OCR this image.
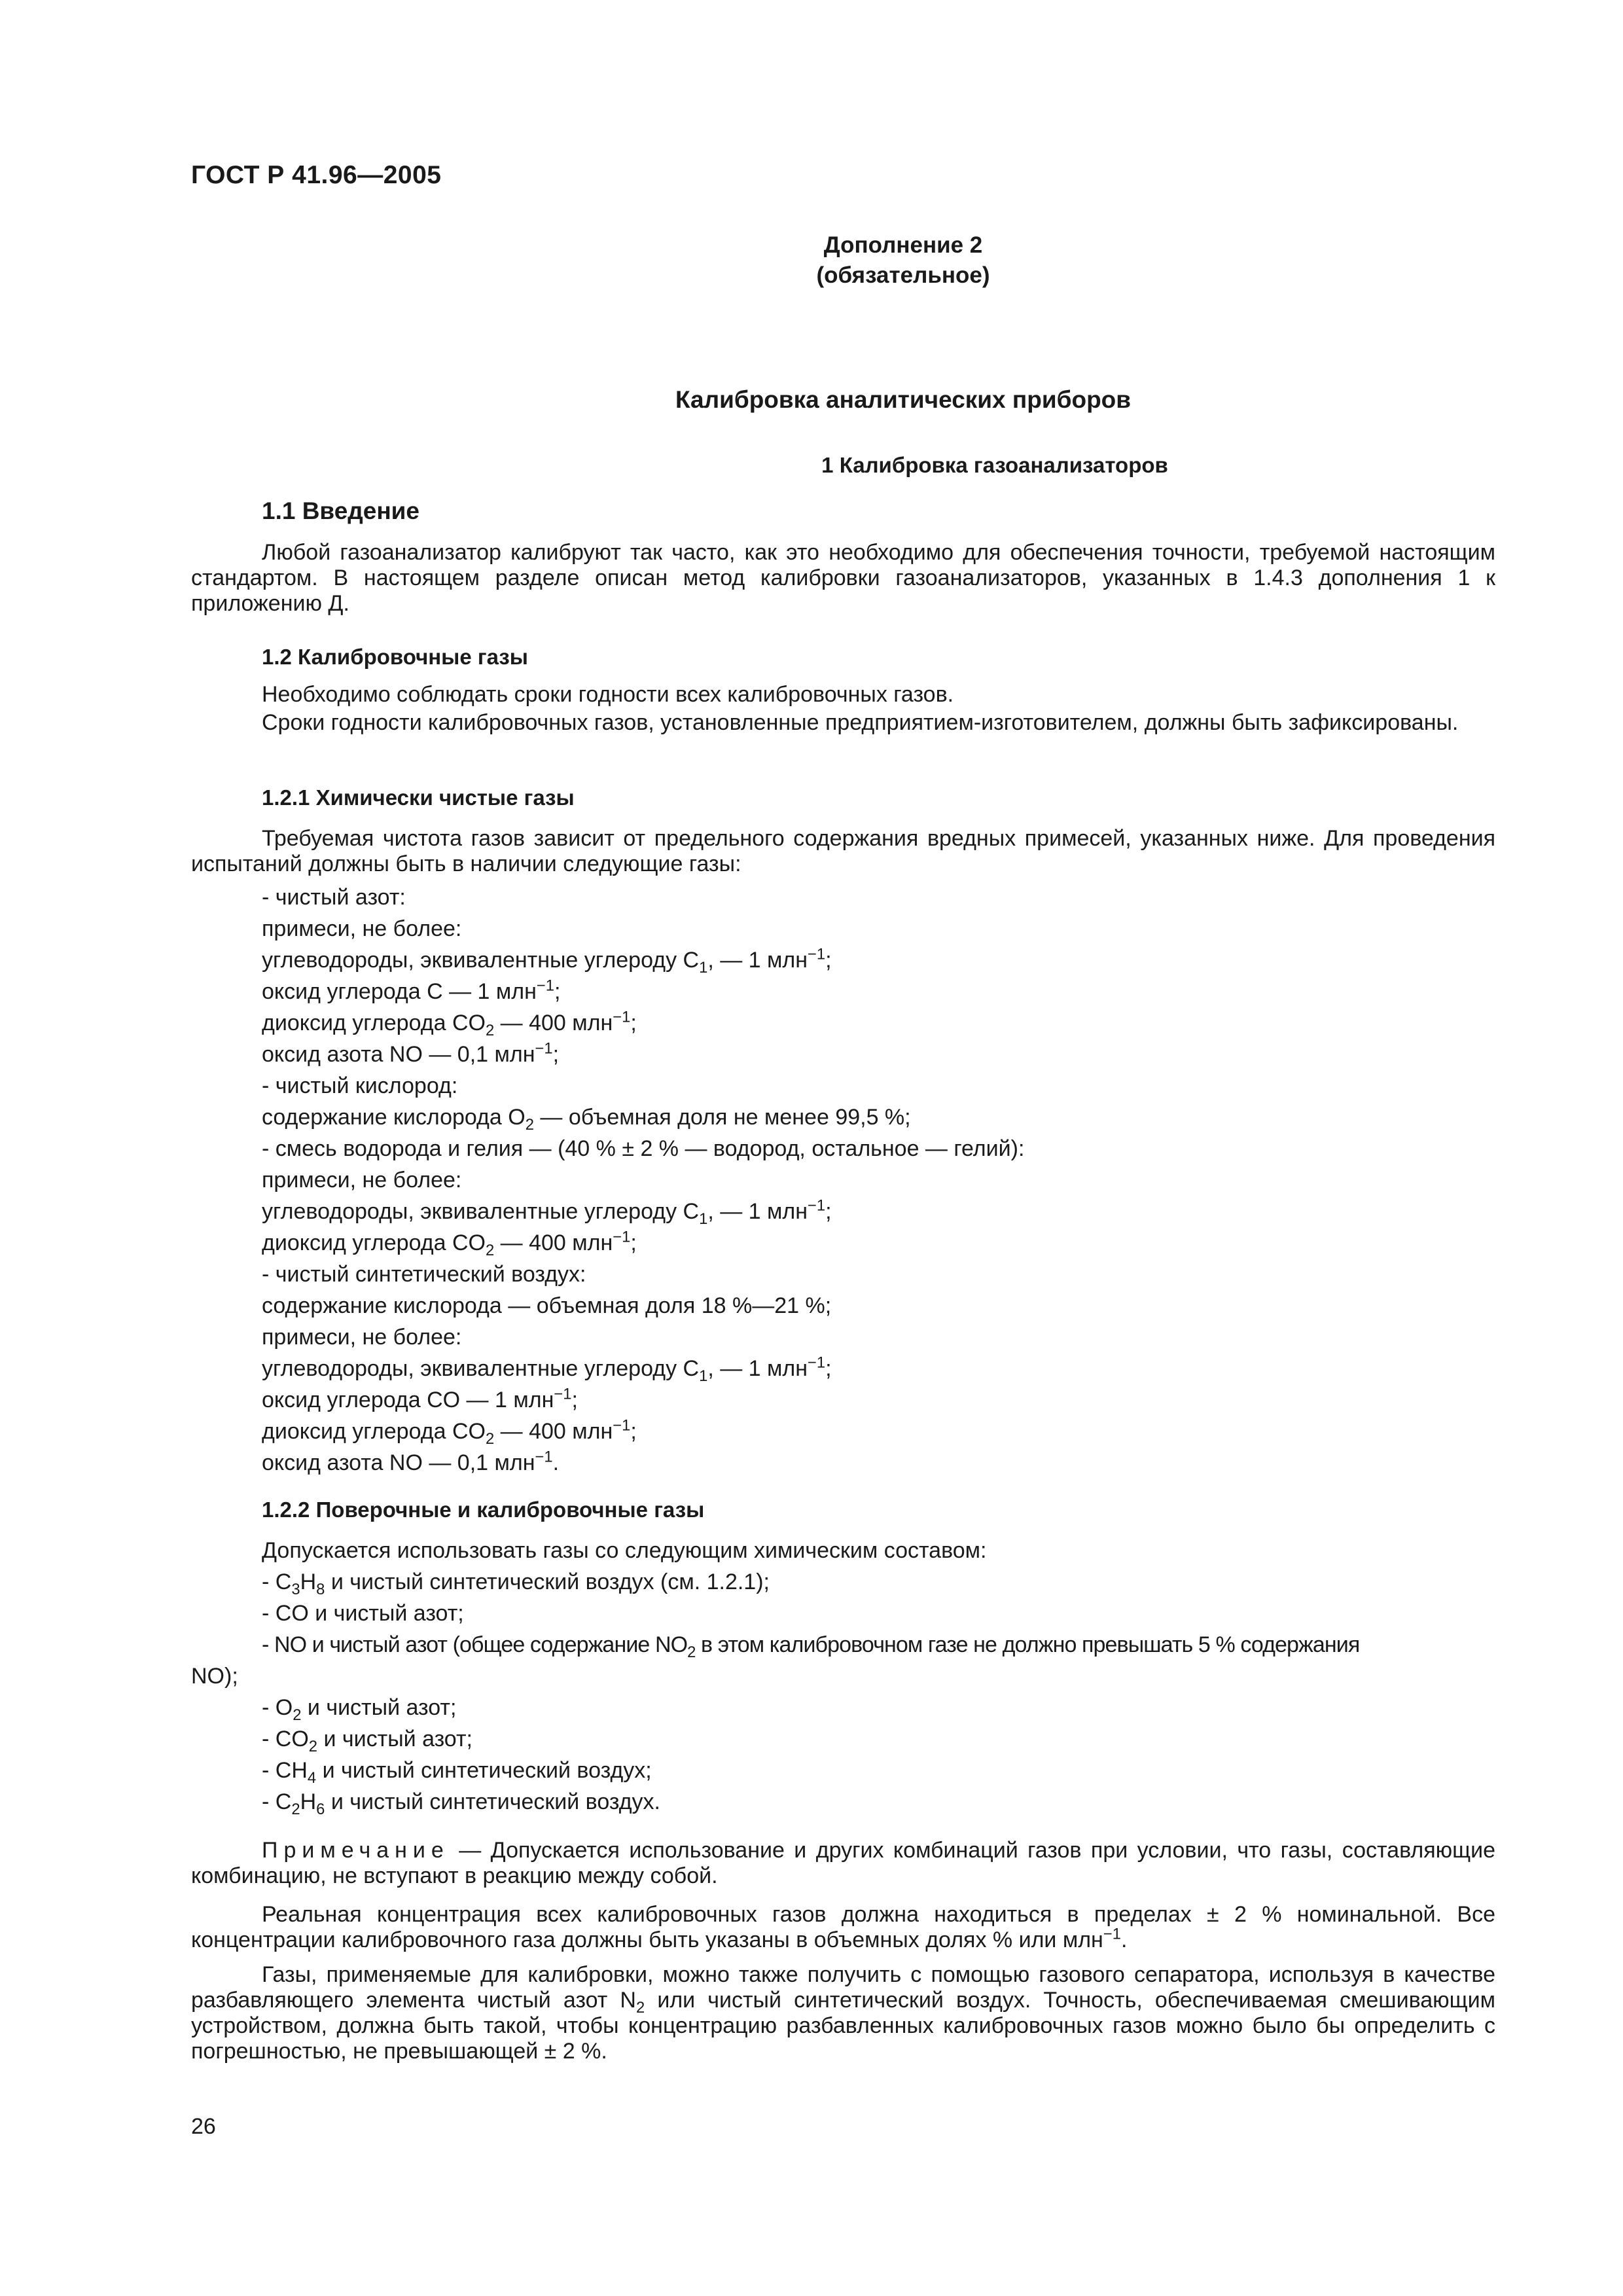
ГОСТ Р 41.96—2005
Дополнение 2
(обязательное)
Калибровка аналитических приборов
1 Калибровка газоанализаторов
1.1 Введение
Любой газоанализатор калибруют так часто, как это необходимо для обеспечения точности, требуемой настоящим стандартом. В настоящем разделе описан метод калибровки газоанализаторов, указанных в 1.4.3 дополнения 1 к приложению Д.
1.2 Калибровочные газы
Необходимо соблюдать сроки годности всех калибровочных газов.
Сроки годности калибровочных газов, установленные предприятием-изготовителем, должны быть зафиксированы.
1.2.1 Химически чистые газы
Требуемая чистота газов зависит от предельного содержания вредных примесей, указанных ниже. Для проведения испытаний должны быть в наличии следующие газы:
- чистый азот:
примеси, не более:
углеводороды, эквивалентные углероду $C_1$, — 1 млн$^{-1}$;
оксид углерода C — 1 млн$^{-1}$;
диоксид углерода $CO_2$ — 400 млн$^{-1}$;
оксид азота NO — 0,1 млн$^{-1}$;
- чистый кислород:
содержание кислорода $O_2$ — объемная доля не менее 99,5 %;
- смесь водорода и гелия — (40 % ± 2 % — водород, остальное — гелий):
примеси, не более:
углеводороды, эквивалентные углероду $C_1$, — 1 млн$^{-1}$;
диоксид углерода $CO_2$ — 400 млн$^{-1}$;
- чистый синтетический воздух:
содержание кислорода — объемная доля 18 %—21 %;
примеси, не более:
углеводороды, эквивалентные углероду $C_1$, — 1 млн$^{-1}$;
оксид углерода CO — 1 млн$^{-1}$;
диоксид углерода $CO_2$ — 400 млн$^{-1}$;
оксид азота NO — 0,1 млн$^{-1}$.
1.2.2 Поверочные и калибровочные газы
Допускается использовать газы со следующим химическим составом:
- $C_3H_8$ и чистый синтетический воздух (см. 1.2.1);
- CO и чистый азот;
- NO и чистый азот (общее содержание $NO_2$ в этом калибровочном газе не должно превышать 5 % содержания
NO);
- $O_2$ и чистый азот;
- $CO_2$ и чистый азот;
- $CH_4$ и чистый синтетический воздух;
- $C_2H_6$ и чистый синтетический воздух.
Примечание — Допускается использование и других комбинаций газов при условии, что газы, составляющие комбинацию, не вступают в реакцию между собой.
Реальная концентрация всех калибровочных газов должна находиться в пределах ± 2 % номинальной. Все концентрации калибровочного газа должны быть указаны в объемных долях % или млн$^{-1}$.
Газы, применяемые для калибровки, можно также получить с помощью газового сепаратора, используя в качестве разбавляющего элемента чистый азот $N_2$ или чистый синтетический воздух. Точность, обеспечиваемая смешивающим устройством, должна быть такой, чтобы концентрацию разбавленных калибровочных газов можно было бы определить с погрешностью, не превышающей ± 2 %.
26
